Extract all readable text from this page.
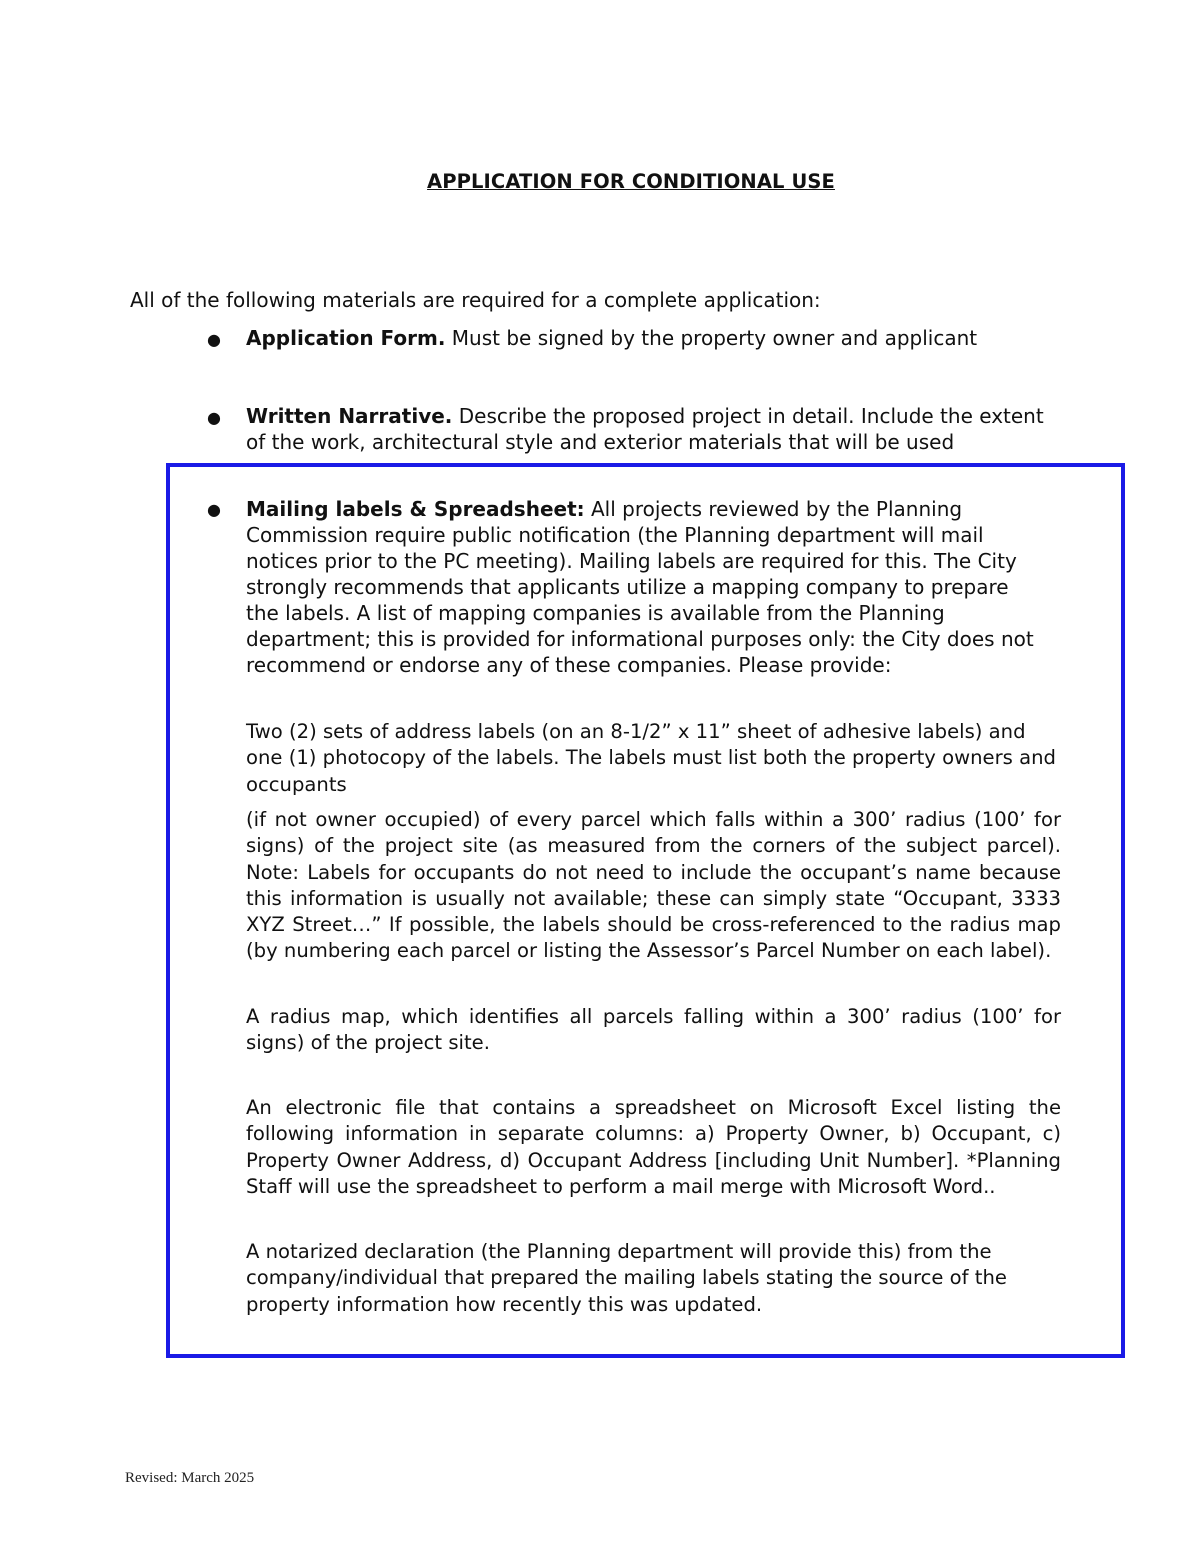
APPLICATION FOR CONDITIONAL USE
All of the following materials are required for a complete application:
● Application Form. Must be signed by the property owner and applicant
● Written Narrative. Describe the proposed project in detail. Include the extent of the work, architectural style and exterior materials that will be used
● Mailing labels & Spreadsheet: All projects reviewed by the Planning Commission require public notification (the Planning department will mail notices prior to the PC meeting). Mailing labels are required for this. The City strongly recommends that applicants utilize a mapping company to prepare the labels. A list of mapping companies is available from the Planning department; this is provided for informational purposes only: the City does not recommend or endorse any of these companies. Please provide:
Two (2) sets of address labels (on an 8-1/2” x 11” sheet of adhesive labels) and one (1) photocopy of the labels. The labels must list both the property owners and occupants
(if not owner occupied) of every parcel which falls within a 300’ radius (100’ for signs) of the project site (as measured from the corners of the subject parcel). Note: Labels for occupants do not need to include the occupant’s name because this information is usually not available; these can simply state “Occupant, 3333 XYZ Street…” If possible, the labels should be cross-referenced to the radius map (by numbering each parcel or listing the Assessor’s Parcel Number on each label).
A radius map, which identifies all parcels falling within a 300’ radius (100’ for signs) of the project site.
An electronic file that contains a spreadsheet on Microsoft Excel listing the following information in separate columns: a) Property Owner, b) Occupant, c) Property Owner Address, d) Occupant Address [including Unit Number]. *Planning Staff will use the spreadsheet to perform a mail merge with Microsoft Word..
A notarized declaration (the Planning department will provide this) from the company/individual that prepared the mailing labels stating the source of the property information how recently this was updated.
Revised: March 2025
